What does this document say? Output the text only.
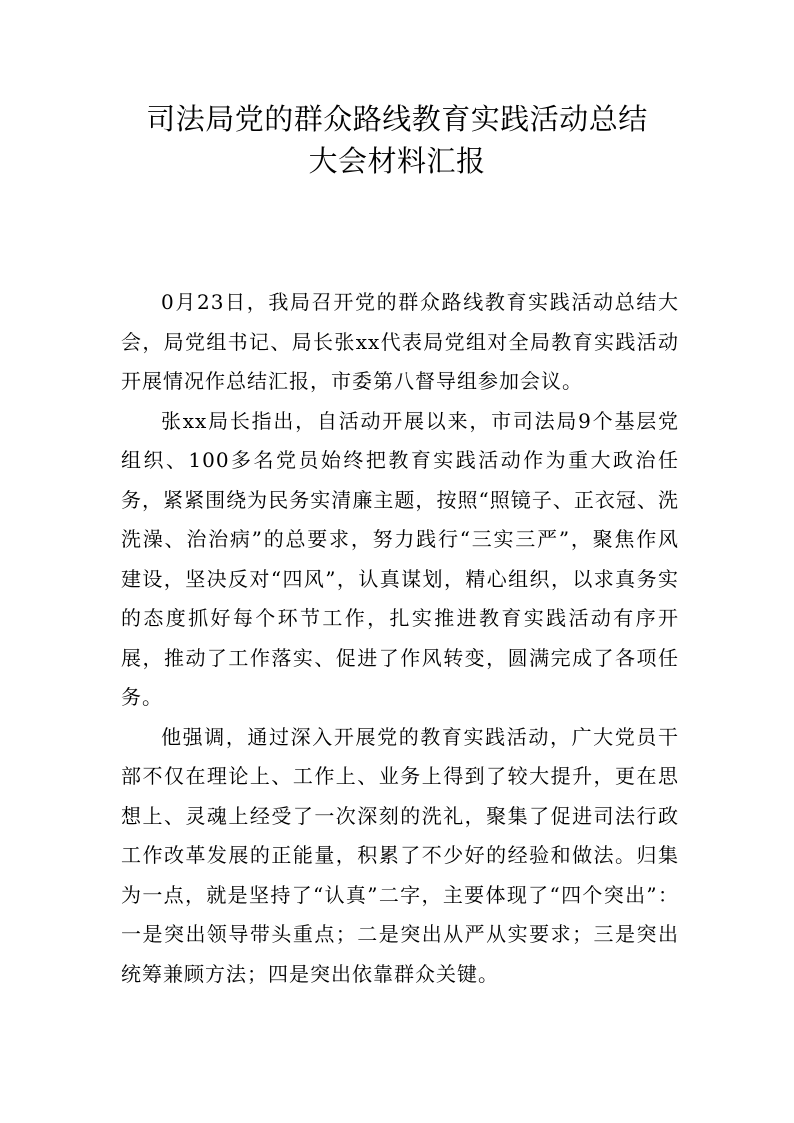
司法局党的群众路线教育实践活动总结
大会材料汇报

0月23日，我局召开党的群众路线教育实践活动总结大会，局党组书记、局长张xx代表局党组对全局教育实践活动开展情况作总结汇报，市委第八督导组参加会议。

张xx局长指出，自活动开展以来，市司法局9个基层党组织、100多名党员始终把教育实践活动作为重大政治任务，紧紧围绕为民务实清廉主题，按照“照镜子、正衣冠、洗洗澡、治治病”的总要求，努力践行“三实三严”，聚焦作风建设，坚决反对“四风”，认真谋划，精心组织，以求真务实的态度抓好每个环节工作，扎实推进教育实践活动有序开展，推动了工作落实、促进了作风转变，圆满完成了各项任务。

他强调，通过深入开展党的教育实践活动，广大党员干部不仅在理论上、工作上、业务上得到了较大提升，更在思想上、灵魂上经受了一次深刻的洗礼，聚集了促进司法行政工作改革发展的正能量，积累了不少好的经验和做法。归集为一点，就是坚持了“认真”二字，主要体现了“四个突出”：一是突出领导带头重点；二是突出从严从实要求；三是突出统筹兼顾方法；四是突出依靠群众关键。
